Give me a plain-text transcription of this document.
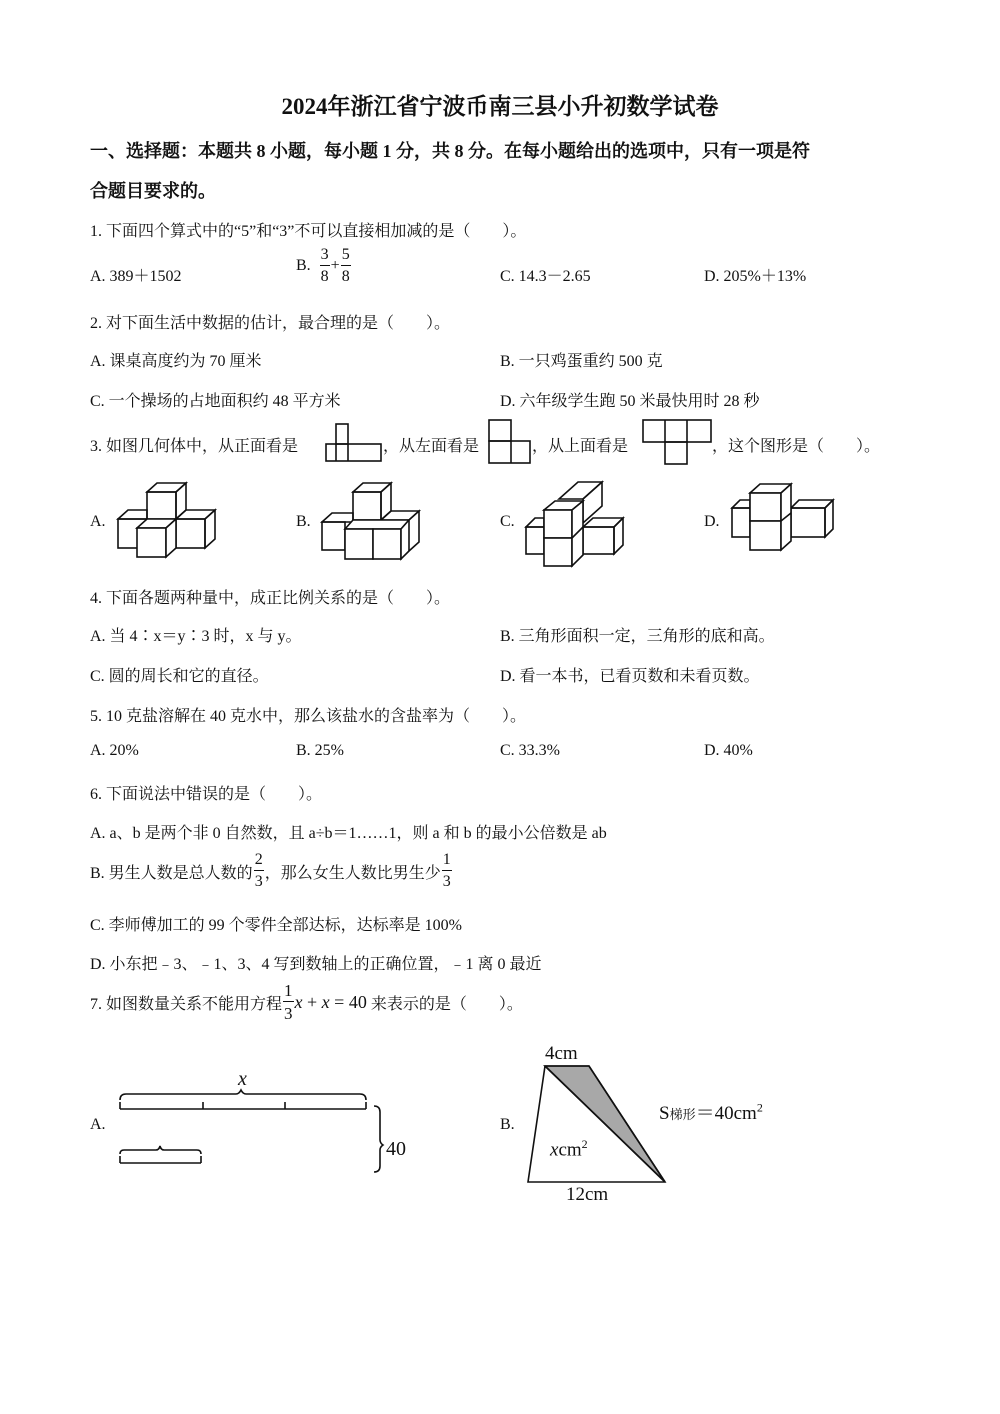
2024年浙江省宁波币南三县小升初数学试卷
一、选择题：本题共 8 小题，每小题 1 分，共 8 分。在每小题给出的选项中，只有一项是符
合题目要求的。
1. 下面四个算式中的“5”和“3”不可以直接相加减的是（　　）。
A. 389＋1502
B. $\frac{3}{8} + \frac{5}{8}$	C. 14.3－2.65	D. 205%＋13%
2. 对下面生活中数据的估计，最合理的是（　　）。
A. 课桌高度约为 70 厘米	B. 一只鸡蛋重约 500 克
C. 一个操场的占地面积约 48 平方米	D. 六年级学生跑 50 米最快用时 28 秒
3. 如图几何体中，从正面看是	，从左面看是	，从上面看是	，这个图形是（　　）。
A.	B.	C.	D.
4. 下面各题两种量中，成正比例关系的是（　　）。
A. 当 4∶x＝y∶3 时，x 与 y。	B. 三角形面积一定，三角形的底和高。
C. 圆的周长和它的直径。	D. 看一本书，已看页数和未看页数。
5. 10 克盐溶解在 40 克水中，那么该盐水的含盐率为（　　）。
A. 20%	B. 25%	C. 33.3%	D. 40%
6. 下面说法中错误的是（　　）。
A. a、b 是两个非 0 自然数，且 a÷b＝1……1，则 a 和 b 的最小公倍数是 ab
B. 男生人数是总人数的 $\frac{2}{3}$ ，那么女生人数比男生少 $\frac{1}{3}$
C. 李师傅加工的 99 个零件全部达标，达标率是 100%
D. 小东把﹣3、﹣1、3、4 写到数轴上的正确位置，﹣1 离 0 最近
7. 如图数量关系不能用方程 $\frac{1}{3}$ x + x = 40 来表示的是（　　）。
A.
x
40
B.
4cm
xcm$^2$
12cm
S梯形$=40cm^2$
